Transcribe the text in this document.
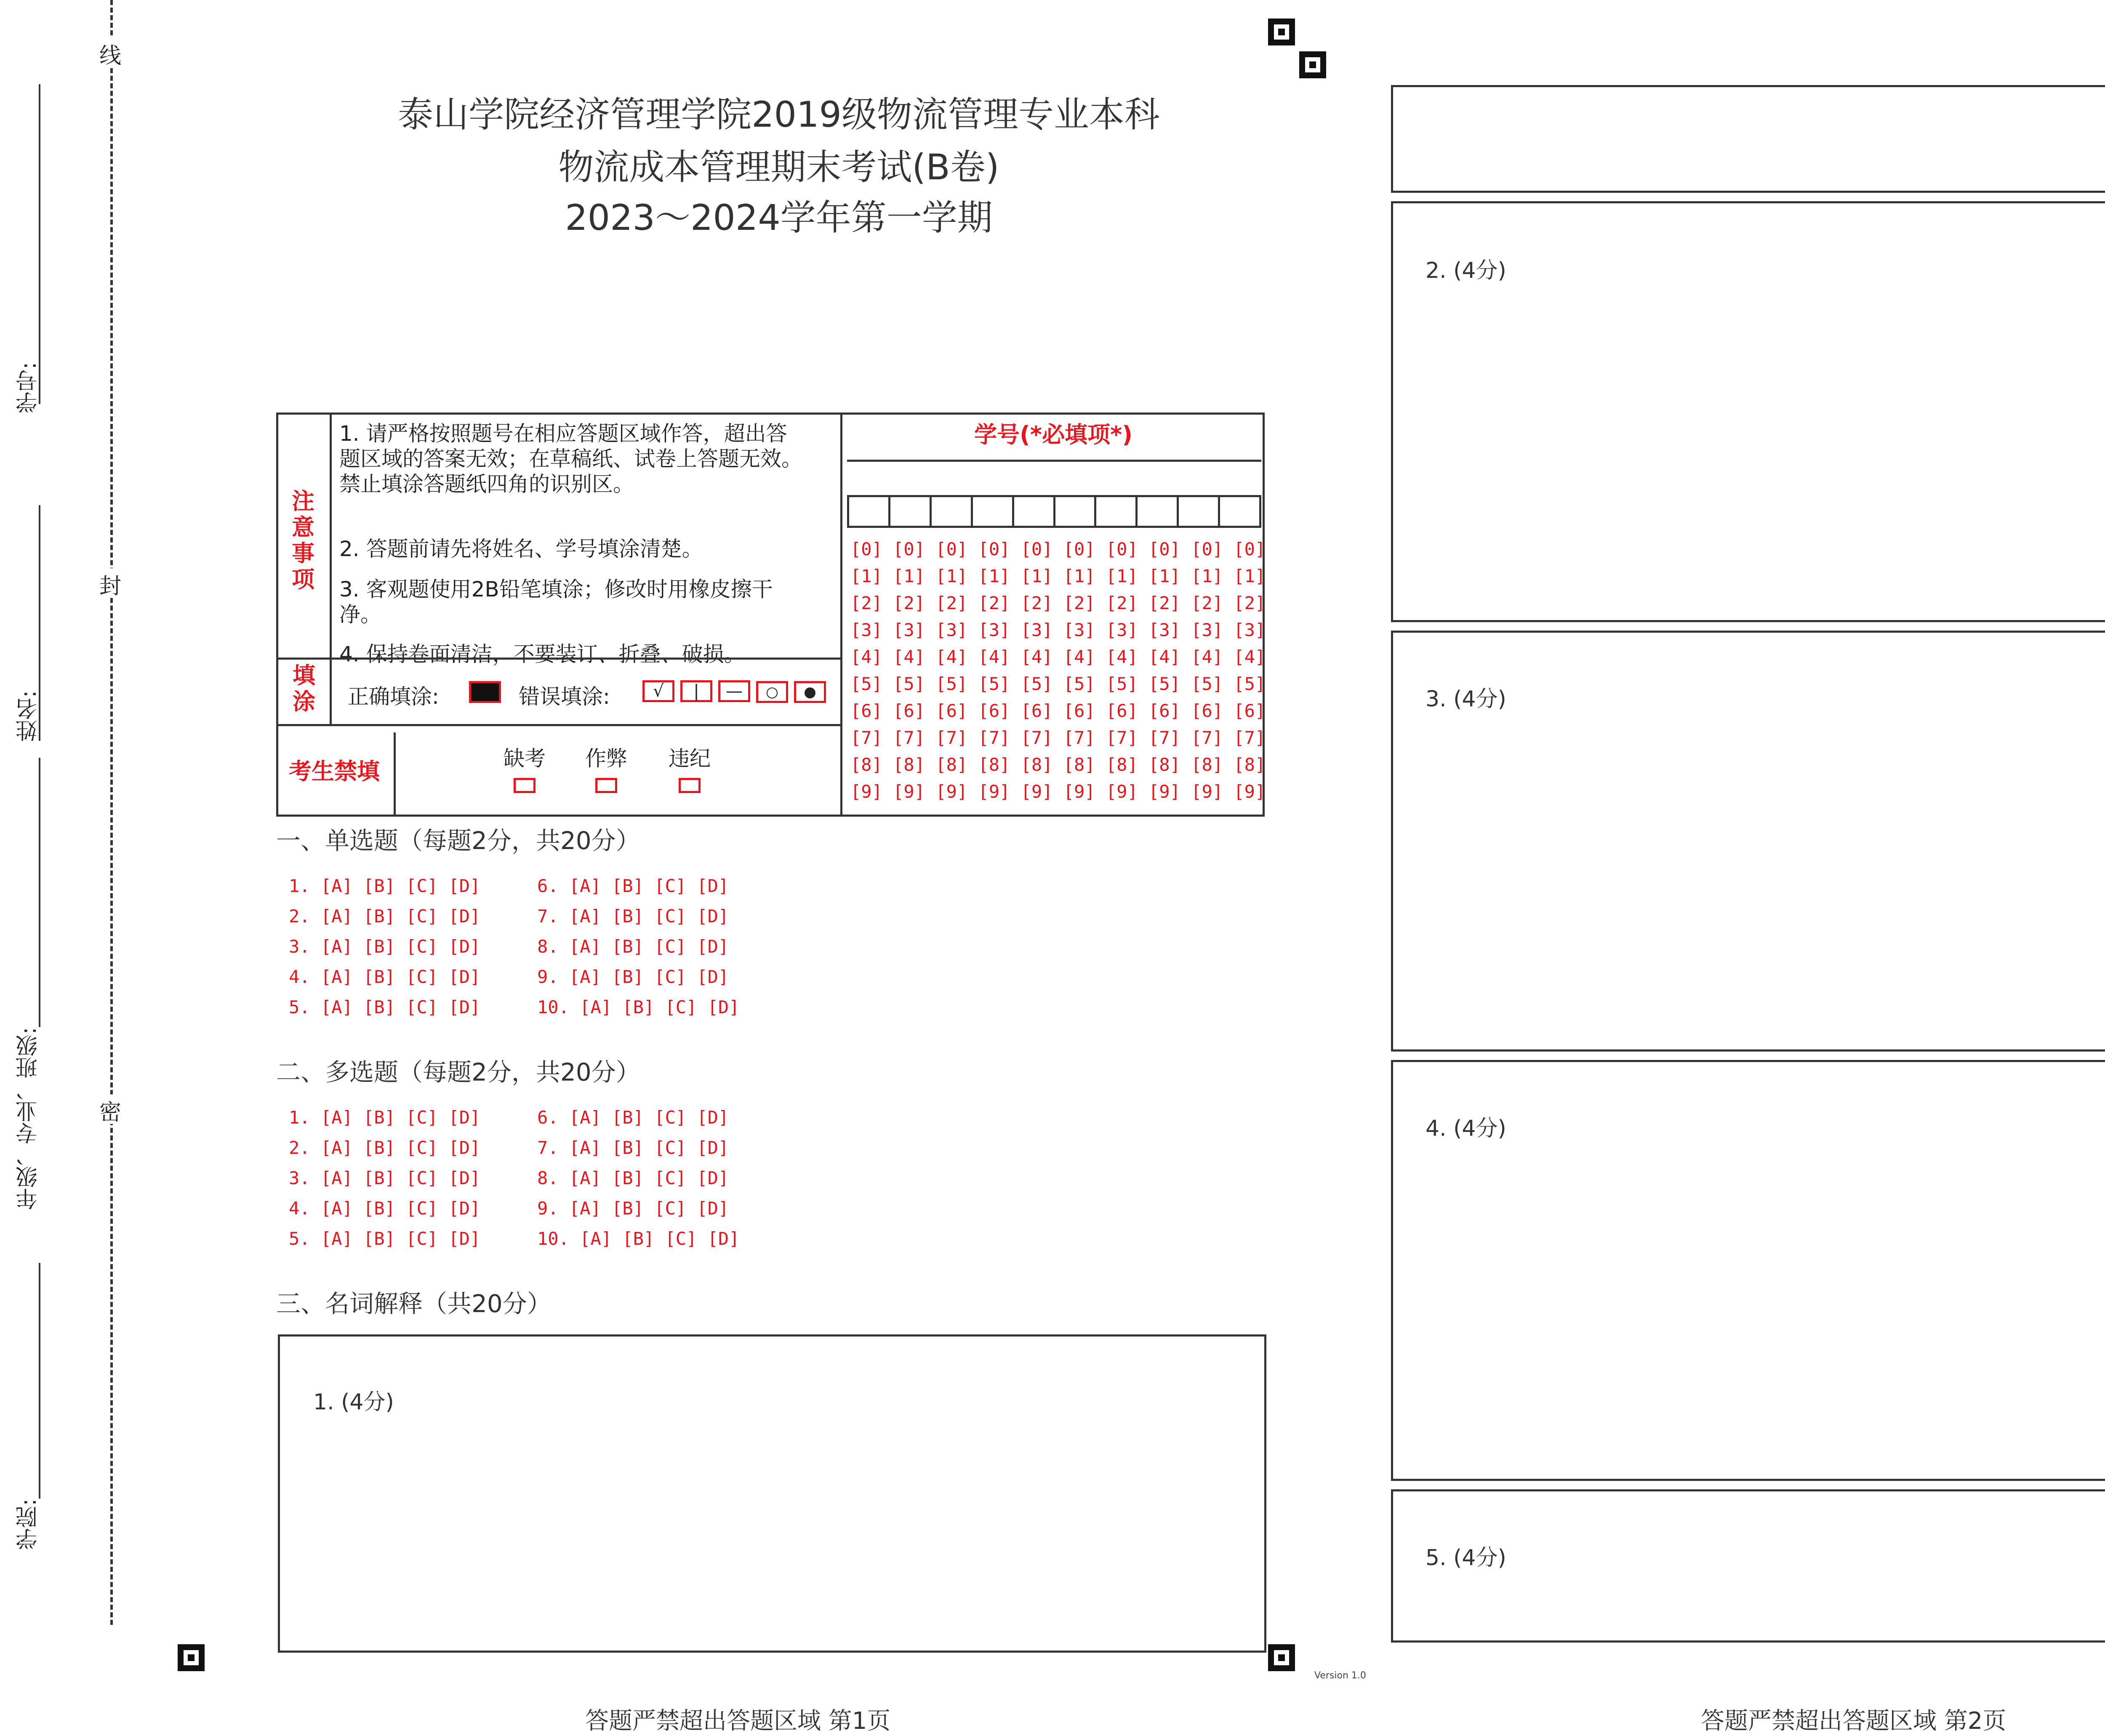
线
封
密
学号:
姓名:
年级、专业、班级:
学院:
泰山学院经济管理学院2019级物流管理专业本科
物流成本管理期末考试(B卷)
2023～2024学年第一学期
注意事项
1. 请严格按照题号在相应答题区域作答，超出答题区域的答案无效；在草稿纸、试卷上答题无效。禁止填涂答题纸四角的识别区。
2. 答题前请先将姓名、学号填涂清楚。
3. 客观题使用2B铅笔填涂；修改时用橡皮擦干净。
4. 保持卷面清洁，不要装订、折叠、破损。
填涂 正确填涂:	错误填涂:	√ | — ○ ●
考生禁填	缺考 作弊 违纪
学号(*必填项*)
[0] [0] [0] [0] [0] [0] [0] [0] [0] [0]
[1] [1] [1] [1] [1] [1] [1] [1] [1] [1]
[2] [2] [2] [2] [2] [2] [2] [2] [2] [2]
[3] [3] [3] [3] [3] [3] [3] [3] [3] [3]
[4] [4] [4] [4] [4] [4] [4] [4] [4] [4]
[5] [5] [5] [5] [5] [5] [5] [5] [5] [5]
[6] [6] [6] [6] [6] [6] [6] [6] [6] [6]
[7] [7] [7] [7] [7] [7] [7] [7] [7] [7]
[8] [8] [8] [8] [8] [8] [8] [8] [8] [8]
[9] [9] [9] [9] [9] [9] [9] [9] [9] [9]
一、单选题（每题2分，共20分）
1. [A] [B] [C] [D]
2. [A] [B] [C] [D]
3. [A] [B] [C] [D]
4. [A] [B] [C] [D]
5. [A] [B] [C] [D]
6. [A] [B] [C] [D]
7. [A] [B] [C] [D]
8. [A] [B] [C] [D]
9. [A] [B] [C] [D]
10. [A] [B] [C] [D]
二、多选题（每题2分，共20分）
1. [A] [B] [C] [D]
2. [A] [B] [C] [D]
3. [A] [B] [C] [D]
4. [A] [B] [C] [D]
5. [A] [B] [C] [D]
6. [A] [B] [C] [D]
7. [A] [B] [C] [D]
8. [A] [B] [C] [D]
9. [A] [B] [C] [D]
10. [A] [B] [C] [D]
三、名词解释（共20分）
1. (4分)
2. (4分)
3. (4分)
4. (4分)
5. (4分)
Version 1.0
答题严禁超出答题区域 第1页	答题严禁超出答题区域 第2页
